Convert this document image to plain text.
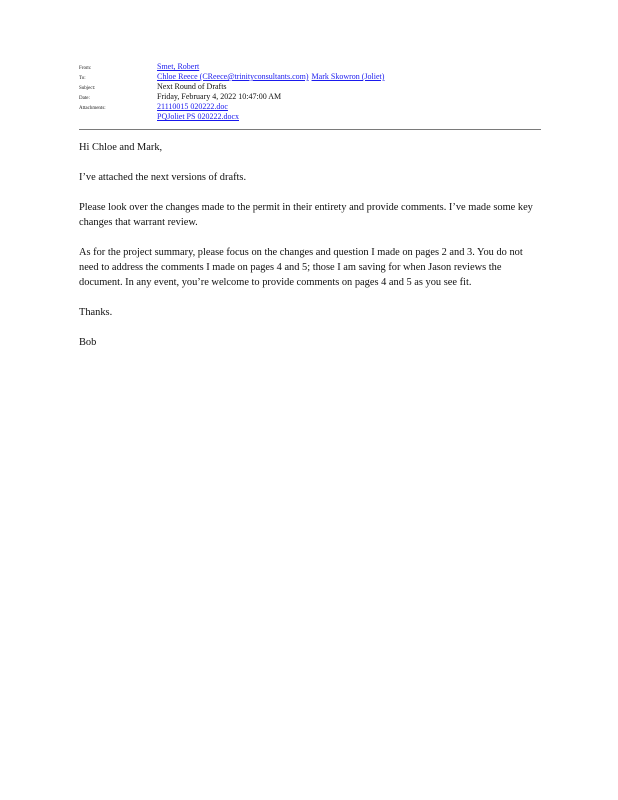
From:	Smet, Robert
To:	Chloe Reece (CReece@trinityconsultants.com) Mark Skowron (Joliet)
Subject:	Next Round of Drafts
Date:	Friday, February 4, 2022 10:47:00 AM
Attachments:	21110015 020222.doc
PQJoliet PS 020222.docx

Hi Chloe and Mark,

I’ve attached the next versions of drafts.

Please look over the changes made to the permit in their entirety and provide comments. I’ve made some key changes that warrant review.

As for the project summary, please focus on the changes and question I made on pages 2 and 3. You do not need to address the comments I made on pages 4 and 5; those I am saving for when Jason reviews the document. In any event, you’re welcome to provide comments on pages 4 and 5 as you see fit.

Thanks.

Bob
